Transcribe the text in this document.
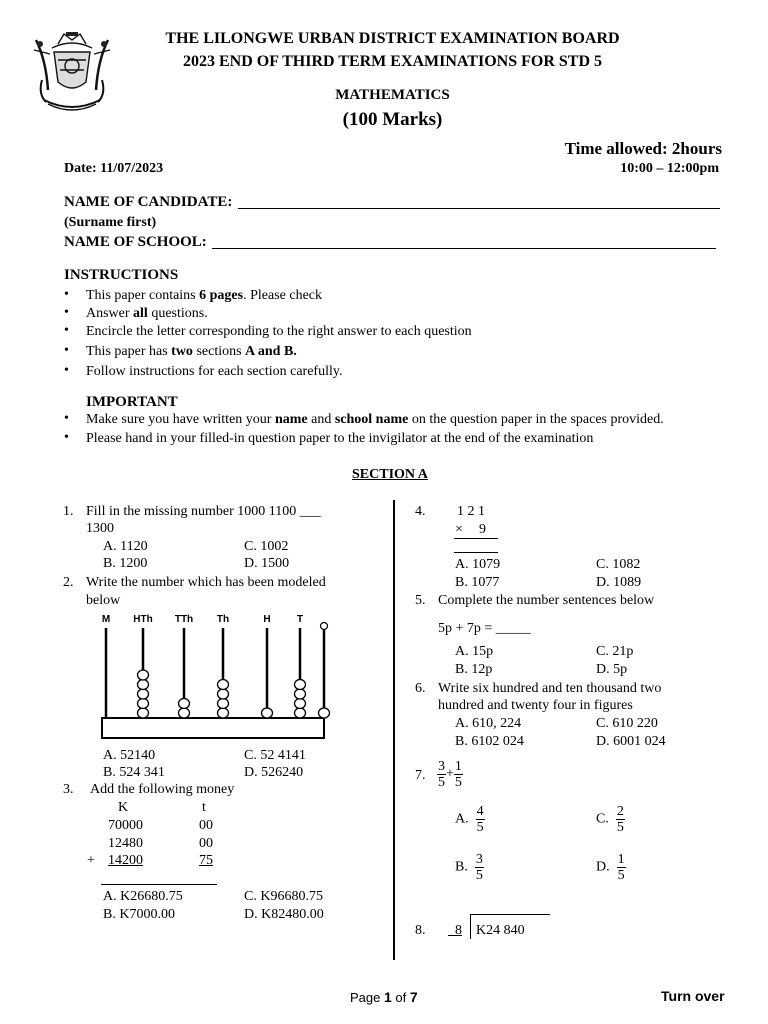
THE LILONGWE URBAN DISTRICT EXAMINATION BOARD
2023 END OF THIRD TERM EXAMINATIONS FOR STD 5
MATHEMATICS
(100 Marks)
Time allowed: 2hours
Date: 11/07/2023	10:00 – 12:00pm
NAME OF CANDIDATE:
(Surname first)
NAME OF SCHOOL:
INSTRUCTIONS
This paper contains 6 pages. Please check
Answer all questions.
Encircle the letter corresponding to the right answer to each question
This paper has two sections A and B.
Follow instructions for each section carefully.
IMPORTANT
Make sure you have written your name and school name on the question paper in the spaces provided.
Please hand in your filled-in question paper to the invigilator at the end of the examination
SECTION A
1. Fill in the missing number 1000 1100 ___
1300
A. 1120	C. 1002
B. 1200	D. 1500
2. Write the number which has been modeled
below
M HTh TTh Th	H	T
A. 52140	C. 52 4141
B. 524 341	D. 526240
3. Add the following money
K	t
70000	00
12480	00
+ 14200	75
A. K26680.75	C. K96680.75
B. K7000.00	D. K82480.00
4. 1 2 1
× 9
A. 1079	C. 1082
B. 1077	D. 1089
5. Complete the number sentences below
5p + 7p = _____
A. 15p	C. 21p
B. 12p	D. 5p
6. Write six hundred and ten thousand two
hundred and twenty four in figures
A. 610, 224	C. 610 220
B. 6102 024	D. 6001 024
7. $\frac{3}{5} + \frac{1}{5}$
A. $\frac{4}{5}$	C. $\frac{2}{5}$
B. $\frac{3}{5}$	D. $\frac{1}{5}$
8.	8 K24 840
Page 1 of 7	Turn over
